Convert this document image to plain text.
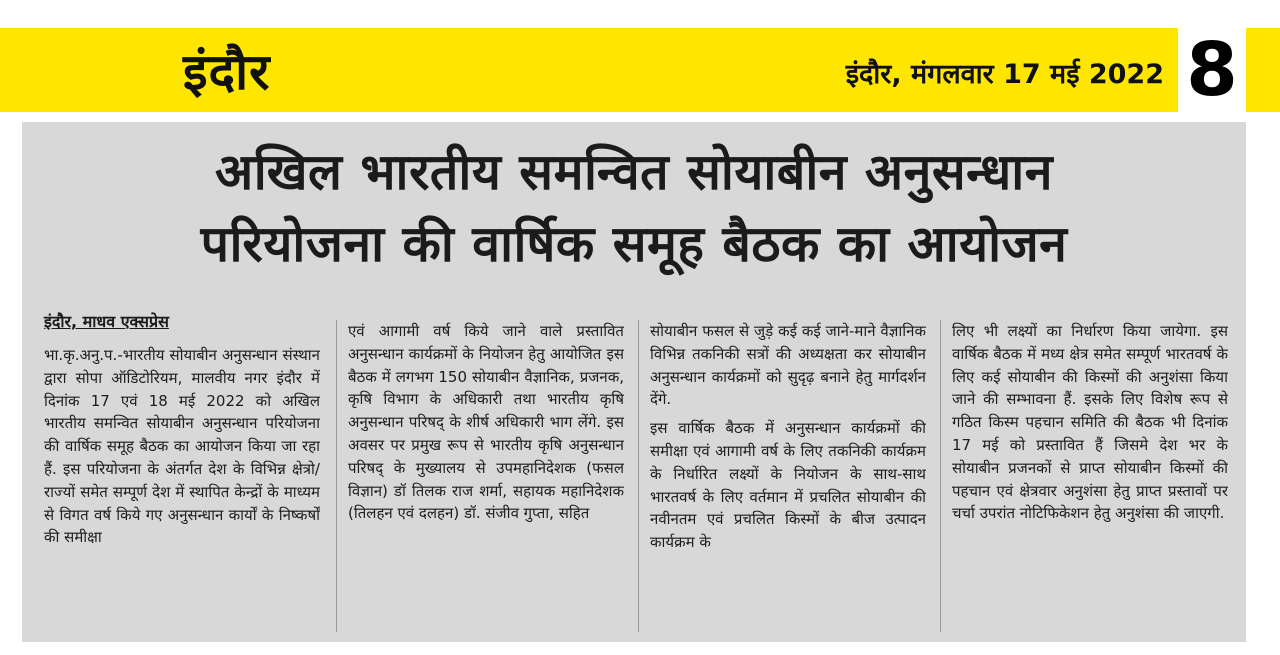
इंदौर	इंदौर, मंगलवार 17 मई 2022 8
अखिल भारतीय समन्वित सोयाबीन अनुसन्धान
परियोजना की वार्षिक समूह बैठक का आयोजन
इंदौर, माधव एक्सप्रेस

भा.कृ.अनु.प.-भारतीय सोयाबीन अनुसन्धान संस्थान द्वारा सोपा ऑडिटोरियम, मालवीय नगर इंदौर में दिनांक 17 एवं 18 मई 2022 को अखिल भारतीय समन्वित सोयाबीन अनुसन्धान परियोजना की वार्षिक समूह बैठक का आयोजन किया जा रहा हैं. इस परियोजना के अंतर्गत देश के विभिन्न क्षेत्रो/राज्यों समेत सम्पूर्ण देश में स्थापित केन्द्रों के माध्यम से विगत वर्ष किये गए अनुसन्धान कार्यों के निष्कर्षों की समीक्षा

एवं आगामी वर्ष किये जाने वाले प्रस्तावित अनुसन्धान कार्यक्रमों के नियोजन हेतु आयोजित इस बैठक में लगभग 150 सोयाबीन वैज्ञानिक, प्रजनक, कृषि विभाग के अधिकारी तथा भारतीय कृषि अनुसन्धान परिषद् के शीर्ष अधिकारी भाग लेंगे. इस अवसर पर प्रमुख रूप से भारतीय कृषि अनुसन्धान परिषद् के मुख्यालय से उपमहानिदेशक (फसल विज्ञान) डॉ तिलक राज शर्मा, सहायक महानिदेशक (तिलहन एवं दलहन) डॉ. संजीव गुप्ता, सहित

सोयाबीन फसल से जुड़े कई कई जाने-माने वैज्ञानिक विभिन्न तकनिकी सत्रों की अध्यक्षता कर सोयाबीन अनुसन्धान कार्यक्रमों को सुदृढ़ बनाने हेतु मार्गदर्शन देंगे.

इस वार्षिक बैठक में अनुसन्धान कार्यक्रमों की समीक्षा एवं आगामी वर्ष के लिए तकनिकी कार्यक्रम के निर्धारित लक्ष्यों के नियोजन के साथ-साथ भारतवर्ष के लिए वर्तमान में प्रचलित सोयाबीन की नवीनतम एवं प्रचलित किस्मों के बीज उत्पादन कार्यक्रम के

लिए भी लक्ष्यों का निर्धारण किया जायेगा. इस वार्षिक बैठक में मध्य क्षेत्र समेत सम्पूर्ण भारतवर्ष के लिए कई सोयाबीन की किस्मों की अनुशंसा किया जाने की सम्भावना हैं. इसके लिए विशेष रूप से गठित किस्म पहचान समिति की बैठक भी दिनांक 17 मई को प्रस्तावित हैं जिसमे देश भर के सोयाबीन प्रजनकों से प्राप्त सोयाबीन किस्मों की पहचान एवं क्षेत्रवार अनुशंसा हेतु प्राप्त प्रस्तावों पर चर्चा उपरांत नोटिफिकेशन हेतु अनुशंसा की जाएगी.
